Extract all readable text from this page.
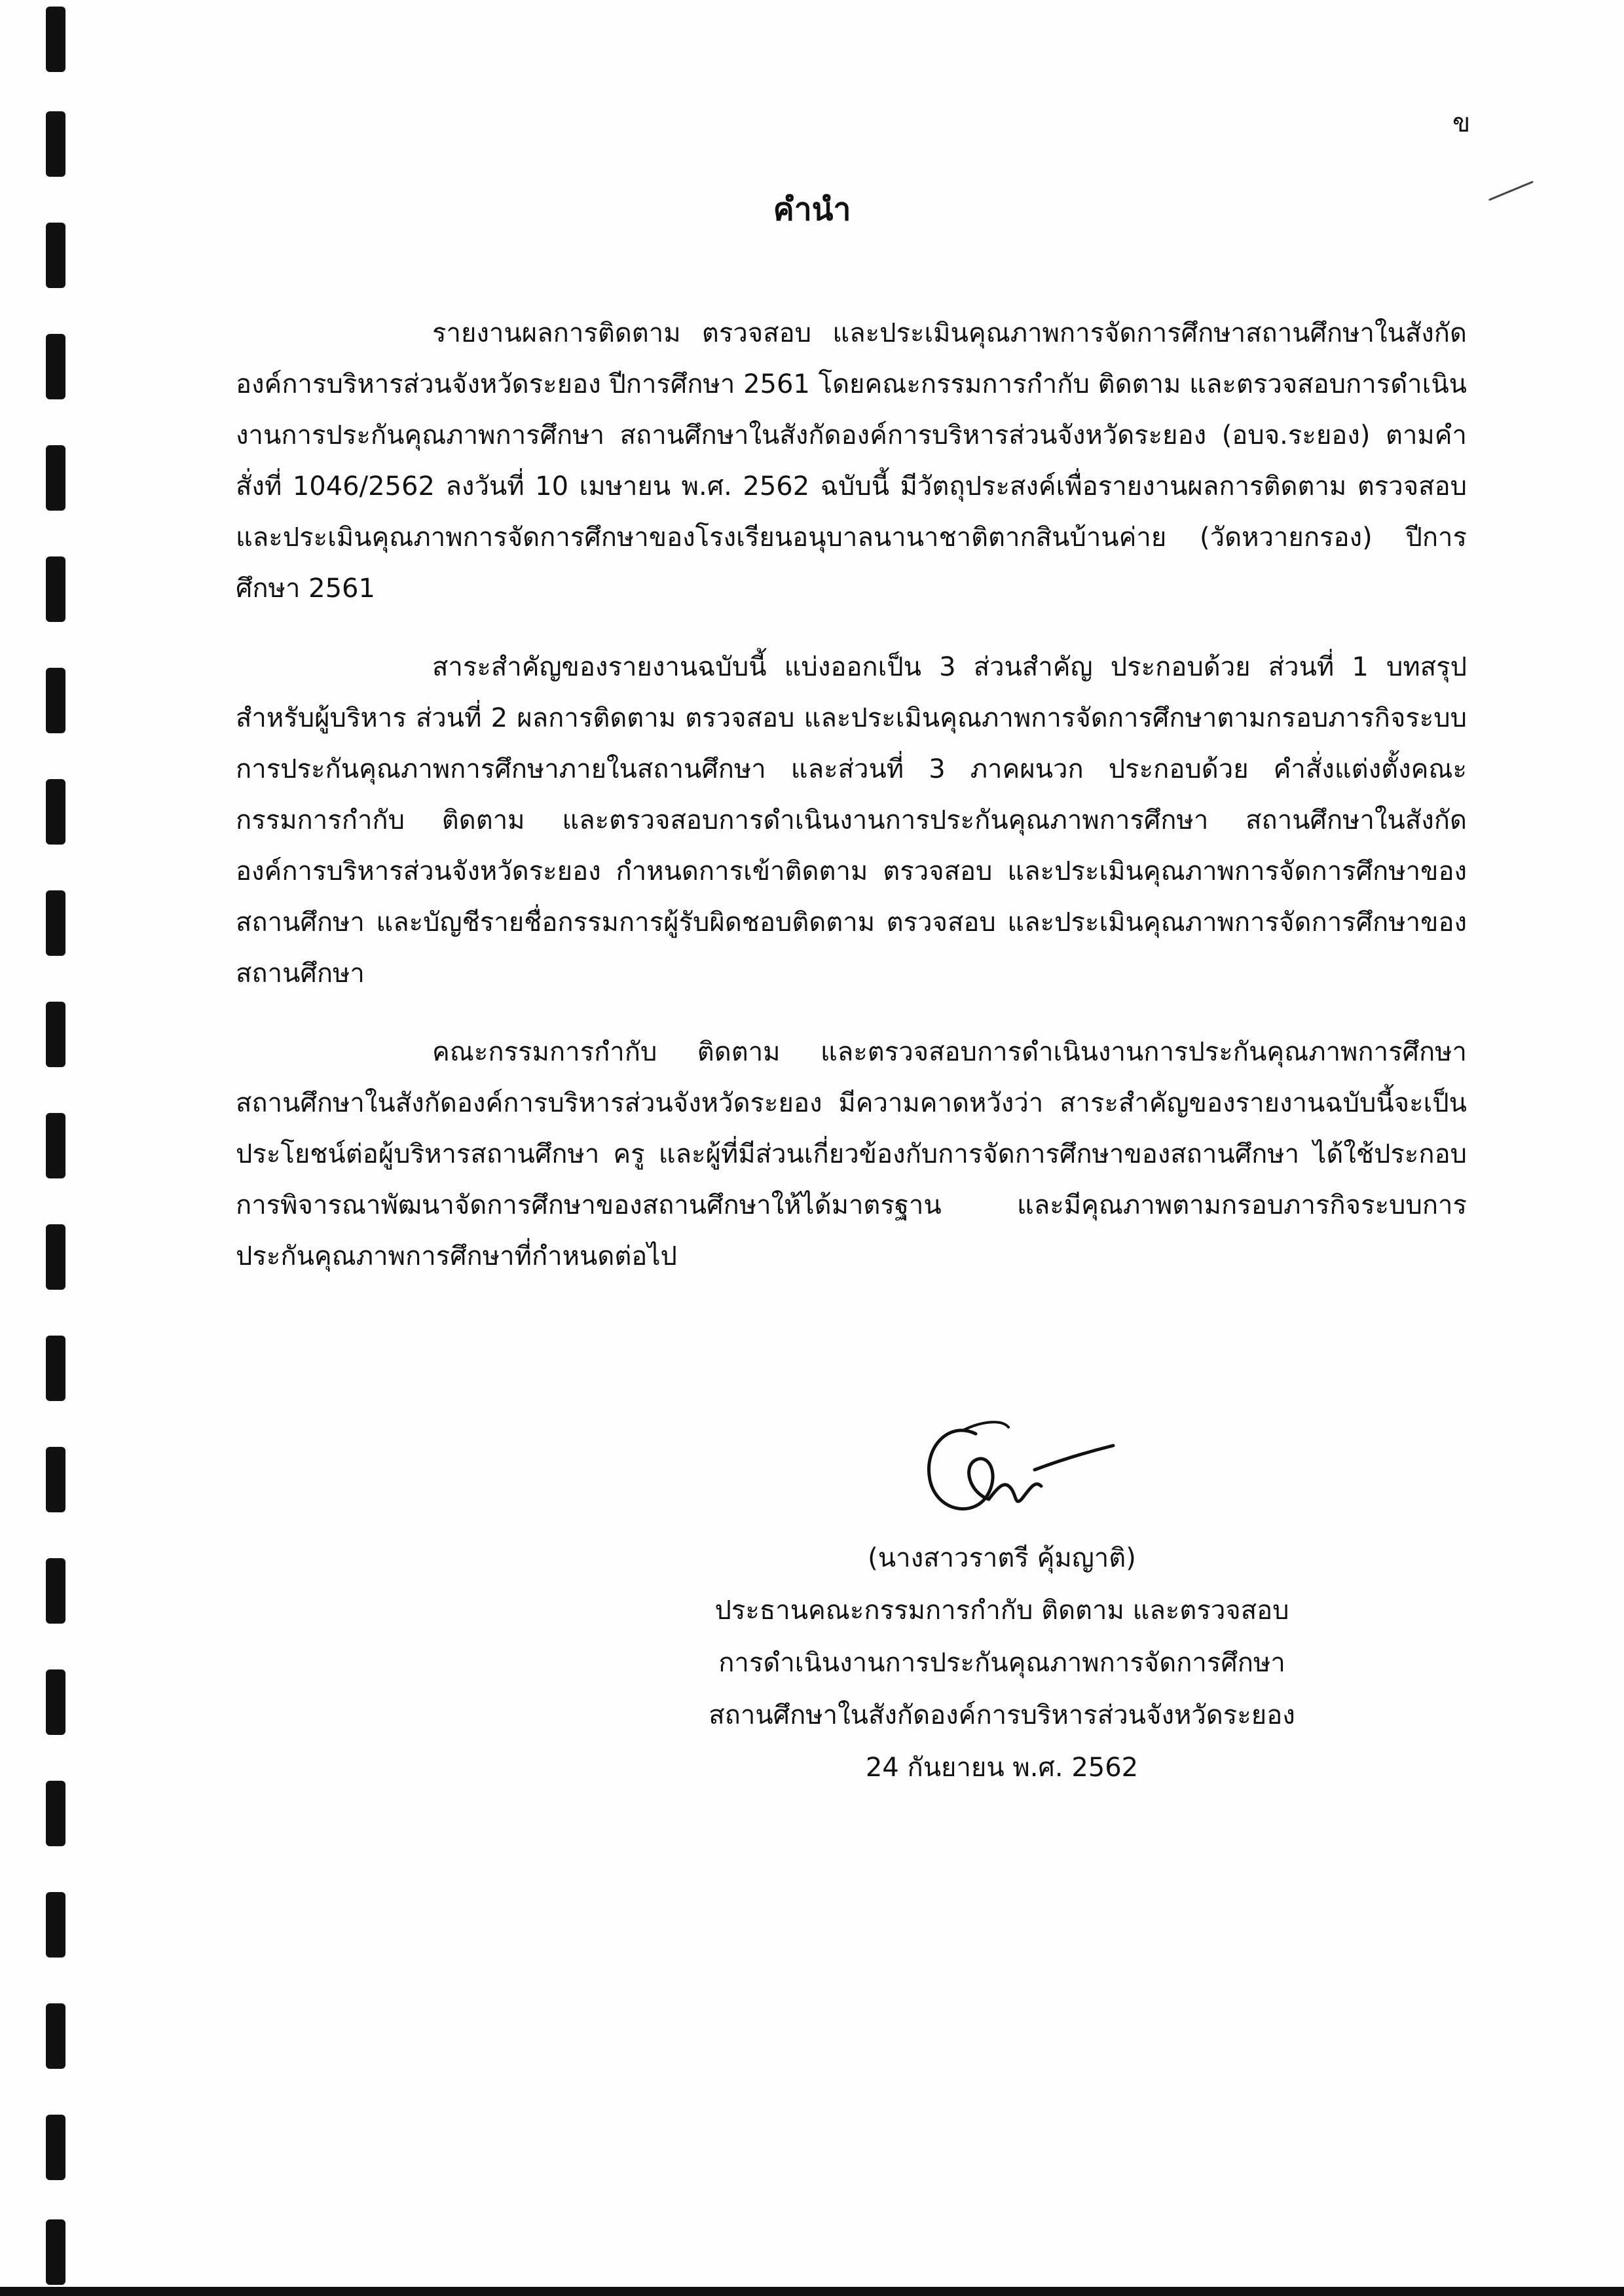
ข
คำนำ

รายงานผลการติดตาม ตรวจสอบ และประเมินคุณภาพการจัดการศึกษาสถานศึกษาในสังกัดองค์การบริหารส่วนจังหวัดระยอง ปีการศึกษา 2561 โดยคณะกรรมการกำกับ ติดตาม และตรวจสอบการดำเนินงานการประกันคุณภาพการศึกษา สถานศึกษาในสังกัดองค์การบริหารส่วนจังหวัดระยอง (อบจ.ระยอง) ตามคำสั่งที่ 1046/2562 ลงวันที่ 10 เมษายน พ.ศ. 2562 ฉบับนี้ มีวัตถุประสงค์เพื่อรายงานผลการติดตาม ตรวจสอบ และประเมินคุณภาพการจัดการศึกษาของโรงเรียนอนุบาลนานาชาติตากสินบ้านค่าย (วัดหวายกรอง) ปีการศึกษา 2561

สาระสำคัญของรายงานฉบับนี้ แบ่งออกเป็น 3 ส่วนสำคัญ ประกอบด้วย ส่วนที่ 1 บทสรุปสำหรับผู้บริหาร ส่วนที่ 2 ผลการติดตาม ตรวจสอบ และประเมินคุณภาพการจัดการศึกษาตามกรอบภารกิจระบบการประกันคุณภาพการศึกษาภายในสถานศึกษา และส่วนที่ 3 ภาคผนวก ประกอบด้วย คำสั่งแต่งตั้งคณะกรรมการกำกับ ติดตาม และตรวจสอบการดำเนินงานการประกันคุณภาพการศึกษา สถานศึกษาในสังกัดองค์การบริหารส่วนจังหวัดระยอง กำหนดการเข้าติดตาม ตรวจสอบ และประเมินคุณภาพการจัดการศึกษาของสถานศึกษา และบัญชีรายชื่อกรรมการผู้รับผิดชอบติดตาม ตรวจสอบ และประเมินคุณภาพการจัดการศึกษาของสถานศึกษา

คณะกรรมการกำกับ ติดตาม และตรวจสอบการดำเนินงานการประกันคุณภาพการศึกษาสถานศึกษาในสังกัดองค์การบริหารส่วนจังหวัดระยอง มีความคาดหวังว่า สาระสำคัญของรายงานฉบับนี้จะเป็นประโยชน์ต่อผู้บริหารสถานศึกษา ครู และผู้ที่มีส่วนเกี่ยวข้องกับการจัดการศึกษาของสถานศึกษา ได้ใช้ประกอบการพิจารณาพัฒนาจัดการศึกษาของสถานศึกษาให้ได้มาตรฐาน และมีคุณภาพตามกรอบภารกิจระบบการประกันคุณภาพการศึกษาที่กำหนดต่อไป

(นางสาวราตรี คุ้มญาติ)
ประธานคณะกรรมการกำกับ ติดตาม และตรวจสอบ
การดำเนินงานการประกันคุณภาพการจัดการศึกษา
สถานศึกษาในสังกัดองค์การบริหารส่วนจังหวัดระยอง
24 กันยายน พ.ศ. 2562
